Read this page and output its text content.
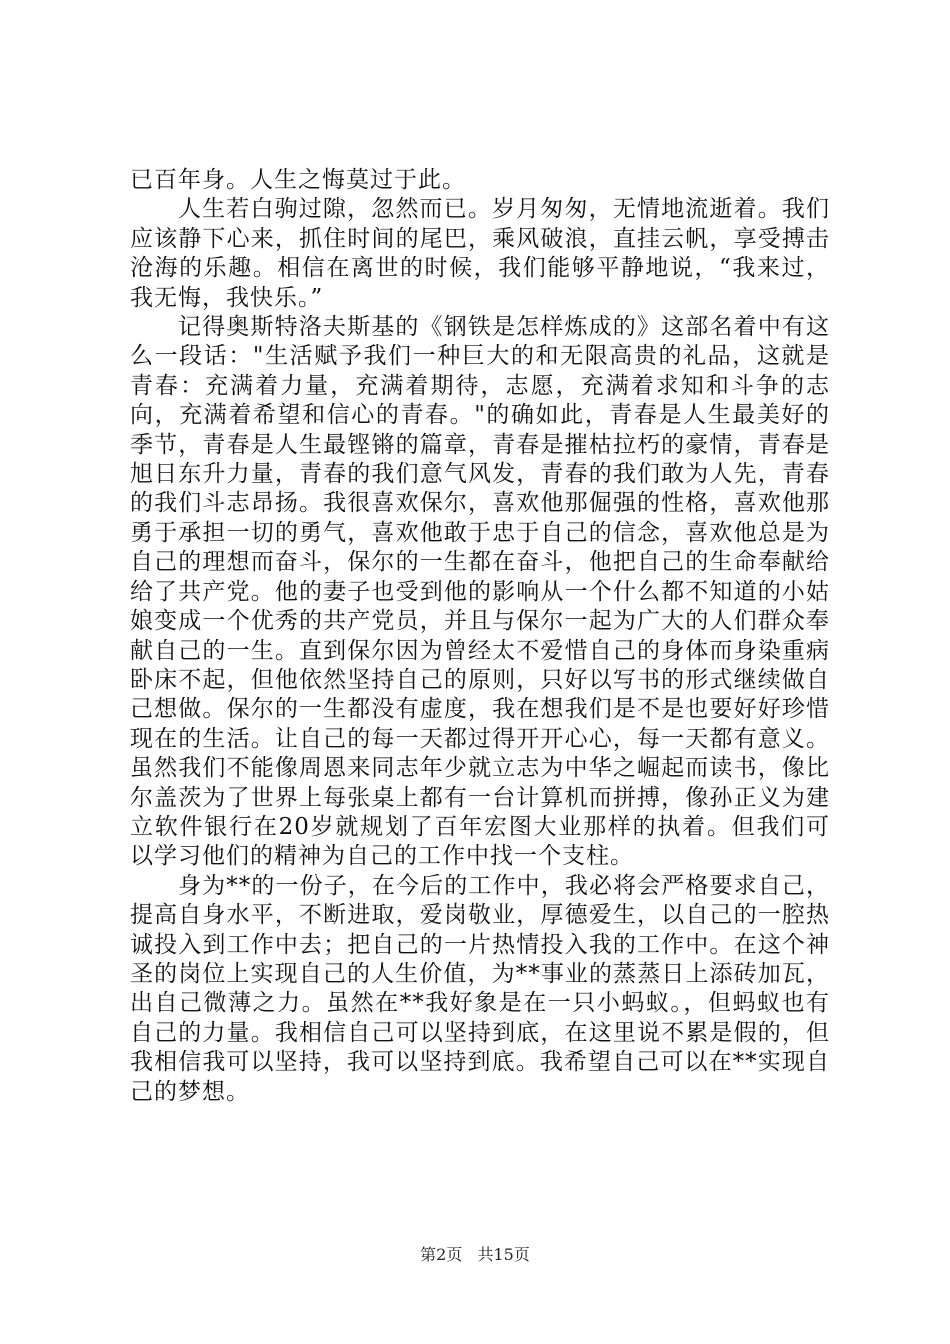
已百年身。人生之悔莫过于此。

人生若白驹过隙，忽然而已。岁月匆匆，无情地流逝着。我们应该静下心来，抓住时间的尾巴，乘风破浪，直挂云帆，享受搏击沧海的乐趣。相信在离世的时候，我们能够平静地说，“我来过，我无悔，我快乐。”

记得奥斯特洛夫斯基的《钢铁是怎样炼成的》这部名着中有这么一段话："生活赋予我们一种巨大的和无限高贵的礼品，这就是青春：充满着力量，充满着期待，志愿，充满着求知和斗争的志向，充满着希望和信心的青春。"的确如此，青春是人生最美好的季节，青春是人生最铿锵的篇章，青春是摧枯拉朽的豪情，青春是旭日东升力量，青春的我们意气风发，青春的我们敢为人先，青春的我们斗志昂扬。我很喜欢保尔，喜欢他那倔强的性格，喜欢他那勇于承担一切的勇气，喜欢他敢于忠于自己的信念，喜欢他总是为自己的理想而奋斗，保尔的一生都在奋斗，他把自己的生命奉献给给了共产党。他的妻子也受到他的影响从一个什么都不知道的小姑娘变成一个优秀的共产党员，并且与保尔一起为广大的人们群众奉献自己的一生。直到保尔因为曾经太不爱惜自己的身体而身染重病卧床不起，但他依然坚持自己的原则，只好以写书的形式继续做自己想做。保尔的一生都没有虚度，我在想我们是不是也要好好珍惜现在的生活。让自己的每一天都过得开开心心，每一天都有意义。虽然我们不能像周恩来同志年少就立志为中华之崛起而读书，像比尔盖茨为了世界上每张桌上都有一台计算机而拼搏，像孙正义为建立软件银行在20岁就规划了百年宏图大业那样的执着。但我们可以学习他们的精神为自己的工作中找一个支柱。

身为**的一份子，在今后的工作中，我必将会严格要求自己，提高自身水平，不断进取，爱岗敬业，厚德爱生，以自己的一腔热诚投入到工作中去；把自己的一片热情投入我的工作中。在这个神圣的岗位上实现自己的人生价值，为**事业的蒸蒸日上添砖加瓦，出自己微薄之力。虽然在**我好象是在一只小蚂蚁。，但蚂蚁也有自己的力量。我相信自己可以坚持到底，在这里说不累是假的，但我相信我可以坚持，我可以坚持到底。我希望自己可以在**实现自己的梦想。

第2页 共15页
